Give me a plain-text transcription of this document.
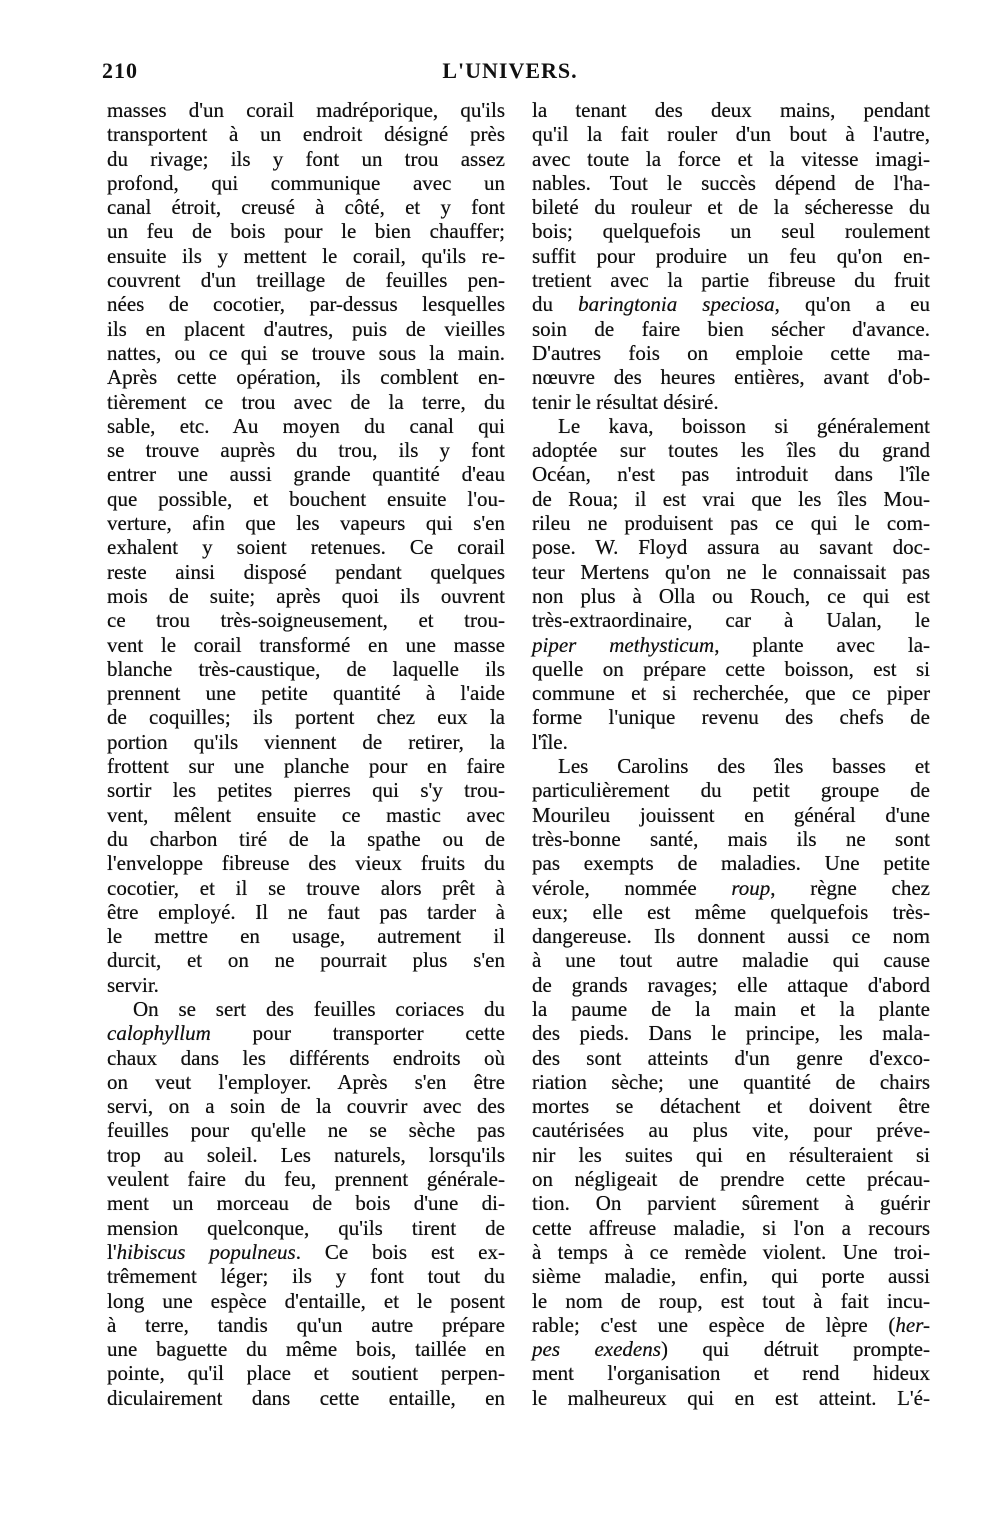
210	L'UNIVERS.
masses d'un corail madréporique, qu'ils
transportent à un endroit désigné près
du rivage; ils y font un trou assez
profond, qui communique avec un
canal étroit, creusé à côté, et y font
un feu de bois pour le bien chauffer;
ensuite ils y mettent le corail, qu'ils re-
couvrent d'un treillage de feuilles pen-
nées de cocotier, par-dessus lesquelles
ils en placent d'autres, puis de vieilles
nattes, ou ce qui se trouve sous la main.
Après cette opération, ils comblent en-
tièrement ce trou avec de la terre, du
sable, etc. Au moyen du canal qui
se trouve auprès du trou, ils y font
entrer une aussi grande quantité d'eau
que possible, et bouchent ensuite l'ou-
verture, afin que les vapeurs qui s'en
exhalent y soient retenues. Ce corail
reste ainsi disposé pendant quelques
mois de suite; après quoi ils ouvrent
ce trou très-soigneusement, et trou-
vent le corail transformé en une masse
blanche très-caustique, de laquelle ils
prennent une petite quantité à l'aide
de coquilles; ils portent chez eux la
portion qu'ils viennent de retirer, la
frottent sur une planche pour en faire
sortir les petites pierres qui s'y trou-
vent, mêlent ensuite ce mastic avec
du charbon tiré de la spathe ou de
l'enveloppe fibreuse des vieux fruits du
cocotier, et il se trouve alors prêt à
être employé. Il ne faut pas tarder à
le mettre en usage, autrement il
durcit, et on ne pourrait plus s'en
servir.
On se sert des feuilles coriaces du
calophyllum pour transporter cette
chaux dans les différents endroits où
on veut l'employer. Après s'en être
servi, on a soin de la couvrir avec des
feuilles pour qu'elle ne se sèche pas
trop au soleil. Les naturels, lorsqu'ils
veulent faire du feu, prennent générale-
ment un morceau de bois d'une di-
mension quelconque, qu'ils tirent de
l'hibiscus populneus. Ce bois est ex-
trêmement léger; ils y font tout du
long une espèce d'entaille, et le posent
à terre, tandis qu'un autre prépare
une baguette du même bois, taillée en
pointe, qu'il place et soutient perpen-
diculairement dans cette entaille, en
la tenant des deux mains, pendant
qu'il la fait rouler d'un bout à l'autre,
avec toute la force et la vitesse imagi-
nables. Tout le succès dépend de l'ha-
bileté du rouleur et de la sécheresse du
bois; quelquefois un seul roulement
suffit pour produire un feu qu'on en-
tretient avec la partie fibreuse du fruit
du baringtonia speciosa, qu'on a eu
soin de faire bien sécher d'avance.
D'autres fois on emploie cette ma-
nœuvre des heures entières, avant d'ob-
tenir le résultat désiré.
Le kava, boisson si généralement
adoptée sur toutes les îles du grand
Océan, n'est pas introduit dans l'île
de Roua; il est vrai que les îles Mou-
rileu ne produisent pas ce qui le com-
pose. W. Floyd assura au savant doc-
teur Mertens qu'on ne le connaissait pas
non plus à Olla ou Rouch, ce qui est
très-extraordinaire, car à Ualan, le
piper methysticum, plante avec la-
quelle on prépare cette boisson, est si
commune et si recherchée, que ce piper
forme l'unique revenu des chefs de
l'île.
Les Carolins des îles basses et
particulièrement du petit groupe de
Mourileu jouissent en général d'une
très-bonne santé, mais ils ne sont
pas exempts de maladies. Une petite
vérole, nommée roup, règne chez
eux; elle est même quelquefois très-
dangereuse. Ils donnent aussi ce nom
à une tout autre maladie qui cause
de grands ravages; elle attaque d'abord
la paume de la main et la plante
des pieds. Dans le principe, les mala-
des sont atteints d'un genre d'exco-
riation sèche; une quantité de chairs
mortes se détachent et doivent être
cautérisées au plus vite, pour préve-
nir les suites qui en résulteraient si
on négligeait de prendre cette précau-
tion. On parvient sûrement à guérir
cette affreuse maladie, si l'on a recours
à temps à ce remède violent. Une troi-
sième maladie, enfin, qui porte aussi
le nom de roup, est tout à fait incu-
rable; c'est une espèce de lèpre (her-
pes exedens) qui détruit prompte-
ment l'organisation et rend hideux
le malheureux qui en est atteint. L'é-
